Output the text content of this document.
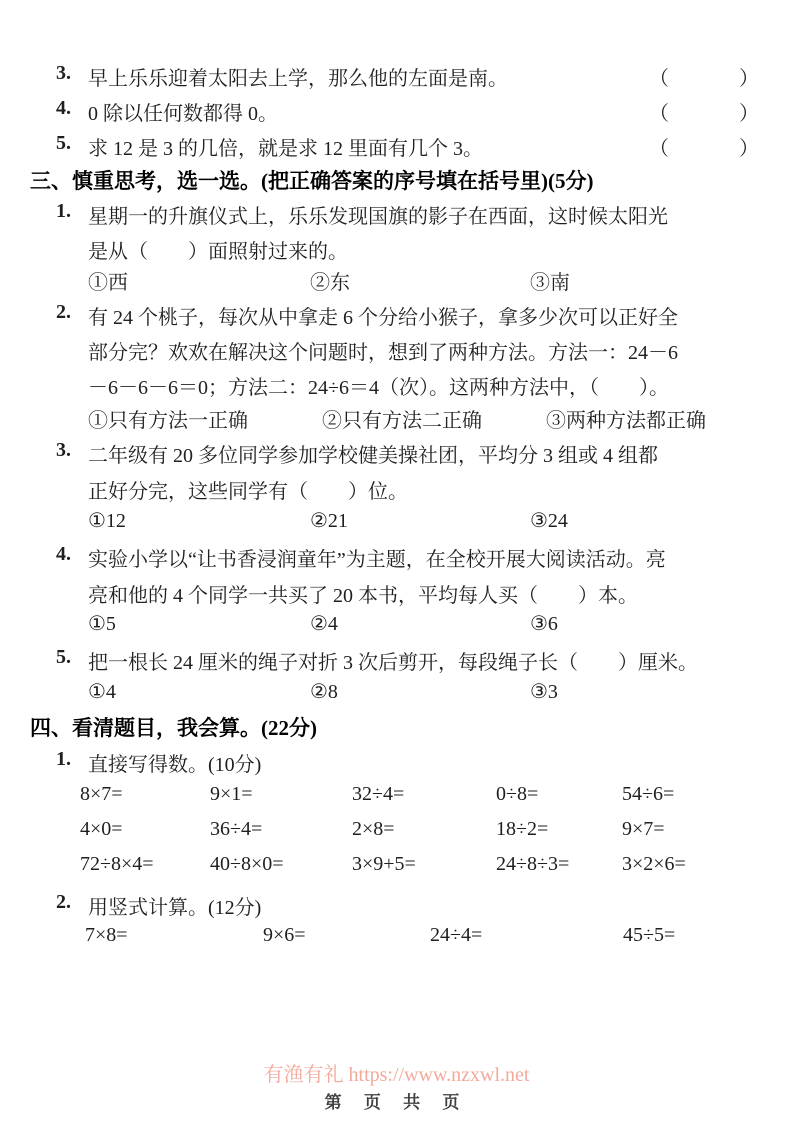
3. 早上乐乐迎着太阳去上学，那么他的左面是南。	（　　）
4. 0 除以任何数都得 0。	（　　）
5. 求 12 是 3 的几倍，就是求 12 里面有几个 3。	（　　）
三、慎重思考，选一选。(把正确答案的序号填在括号里)(5分)
1. 星期一的升旗仪式上，乐乐发现国旗的影子在西面，这时候太阳光
是从（　　）面照射过来的。
①西	②东	③南
2. 有 24 个桃子，每次从中拿走 6 个分给小猴子，拿多少次可以正好全
部分完？欢欢在解决这个问题时，想到了两种方法。方法一：24－6
－6－6－6＝0；方法二：24÷6＝4（次）。这两种方法中，（　　）。
①只有方法一正确	②只有方法二正确	③两种方法都正确
3. 二年级有 20 多位同学参加学校健美操社团，平均分 3 组或 4 组都
正好分完，这些同学有（　　）位。
①12	②21	③24
4. 实验小学以“让书香浸润童年”为主题，在全校开展大阅读活动。亮
亮和他的 4 个同学一共买了 20 本书，平均每人买（　　）本。
①5	②4	③6
5. 把一根长 24 厘米的绳子对折 3 次后剪开，每段绳子长（　　）厘米。
①4	②8	③3
四、看清题目，我会算。(22分)
1. 直接写得数。(10分)
8×7=	9×1=	32÷4=	0÷8=	54÷6=
4×0=	36÷4=	2×8=	18÷2=	9×7=
72÷8×4=	40÷8×0=	3×9+5=	24÷8÷3=	3×2×6=
2. 用竖式计算。(12分)
7×8=	9×6=	24÷4=	45÷5=
有渔有礼 https://www.nzxwl.net
第 页 共 页
